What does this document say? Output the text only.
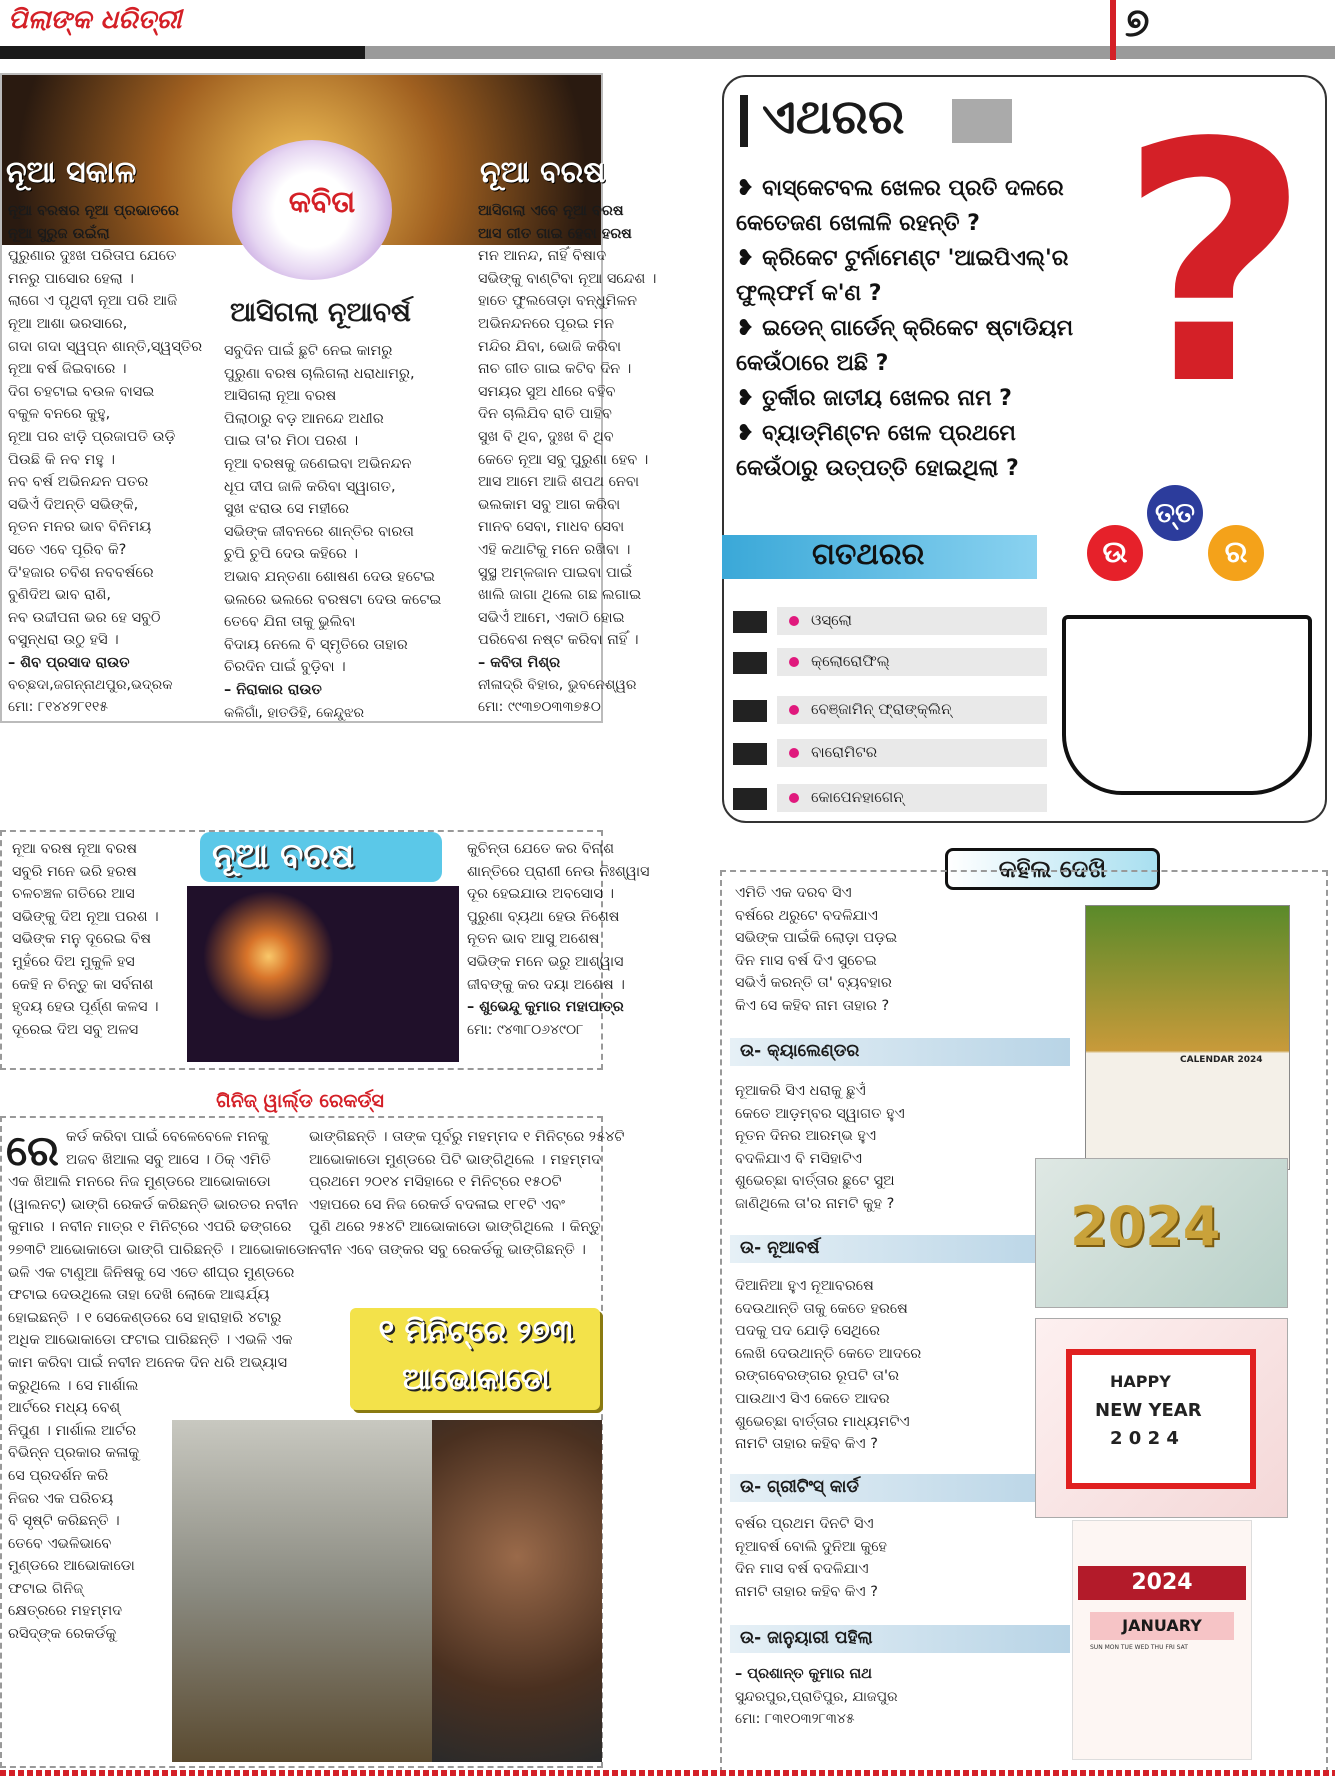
ପିଲାଙ୍କ ଧରିତ୍ରୀ	୭
କବିତା
ନୂଆ ସକାଳ
ନୂଆ ବରଷର ନୂଆ ପ୍ରଭାତରେ
ନୂଆ ସୁରୁଜ ଉଇଁଲା
ପୁରୁଣାର ଦୁଃଖ ପରିତାପ ଯେତେ
ମନରୁ ପାସୋର ହେଲା ।
ଲାଗେ ଏ ପୃଥିବୀ ନୂଆ ପରି ଆଜି
ନୂଆ ଆଶା ଭରସାରେ,
ଗଦା ଗଦା ସ୍ୱପ୍ନ ଶାନ୍ତି,ସ୍ୱସ୍ତିର
ନୂଆ ବର୍ଷ ଜିଇବାରେ ।
ଦିଗ ଚହଟାଇ ବଉଳ ବାସଇ
ବକୁଳ ବନରେ କୁହୁ,
ନୂଆ ପର ଝାଡ଼ି ପ୍ରଜାପତି ଉଡ଼ି
ପିଉଛି କି ନବ ମହୁ ।
ନବ ବର୍ଷ ଅଭିନନ୍ଦନ ପତର
ସଭିଏଁ ଦିଅନ୍ତି ସଭିଙ୍କି,
ନୂତନ ମନର ଭାବ ବିନିମୟ
ସତେ ଏବେ ପୂରିବ କି?
ଦି'ହଜାର ଚବିଶ ନବବର୍ଷରେ
ବୁଣିଦିଅ ଭାବ ରାଶି,
ନବ ଉଦ୍ଦୀପନା ଭର ହେ ସବୁଠି
ବସୁନ୍ଧରା ଉଠୁ ହସି ।
– ଶିବ ପ୍ରସାଦ ରାଉତ
ବଚ୍ଛଦା,ଜଗନ୍ନାଥପୁର,ଭଦ୍ରକ
ମୋ: ୮୧୪୪୨୮୧୧୫
ଆସିଗଲା ନୂଆବର୍ଷ
ସବୁଦିନ ପାଇଁ ଛୁଟି ନେଇ କାମରୁ
ପୁରୁଣା ବରଷ ଚାଲିଗଲା ଧରାଧାମରୁ,
ଆସିଗଲା ନୂଆ ବରଷ
ପିଲାଠାରୁ ବଡ଼ ଆନନ୍ଦେ ଅଧୀର
ପାଇ ତା'ର ମିଠା ପରଶ ।
ନୂଆ ବରଷକୁ ଜଣେଇବା ଅଭିନନ୍ଦନ
ଧୂପ ଦୀପ ଜାଳି କରିବା ସ୍ୱାଗତ,
ସୁଖ ଝରାଉ ସେ ମହୀରେ
ସଭିଙ୍କ ଜୀବନରେ ଶାନ୍ତିର ବାରତା
ଚୁପି ଚୁପି ଦେଉ କହିରେ ।
ଅଭାବ ଯନ୍ତଣା ଶୋଷଣ ଦେଉ ହଟେଇ
ଭଲରେ ଭଲରେ ବରଷଟା ଦେଉ କଟେଇ
ତେବେ ଯିନା ତାକୁ ଭୁଲିବା
ବିଦାୟ ନେଲେ ବି ସ୍ମୃତିରେ ତାହାର
ଚିରଦିନ ପାଇଁ ବୁଡ଼ିବା ।
– ନିରାକାର ରାଉତ
କଳିଗାଁ, ହାତଡିହି, କେନ୍ଦୁଝର
ନୂଆ ବରଷ
ଆସିଗଲା ଏବେ ନୂଆ ବରଷ
ଆସ ଗୀତ ଗାଇ ହେବା ହରଷ
ମନ ଆନନ୍ଦ, ନାହିଁ ବିଷାଦ
ସଭିଙ୍କୁ ବାଣ୍ଟିବା ନୂଆ ସନ୍ଦେଶ ।
ହାତେ ଫୁଲତୋଡ଼ା ବନ୍ଧୁମିଳନ
ଅଭିନନ୍ଦନରେ ପୂରଇ ମନ
ମନ୍ଦିର ଯିବା, ଭୋଜି କରିବା
ନାଚ ଗୀତ ଗାଇ କଟିବ ଦିନ ।
ସମୟର ସୁଅ ଧୀରେ ବହିବ
ଦିନ ଚାଲିଯିବ ରାତି ପାହିବ
ସୁଖ ବି ଥିବ, ଦୁଃଖ ବି ଥିବ
କେତେ ନୂଆ ସବୁ ପୁରୁଣା ହେବ ।
ଆସ ଆମେ ଆଜି ଶପଥ ନେବା
ଭଲକାମ ସବୁ ଆଗ କରିବା
ମାନବ ସେବା, ମାଧବ ସେବା
ଏହି କଥାଟିକୁ ମନେ ରଖିବା ।
ସୁସ୍ଥ ଅମ୍ଳଜାନ ପାଇବା ପାଇଁ
ଖାଲି ଜାଗା ଥିଲେ ଗଛ ଲଗାଇ
ସଭିଏଁ ଆମେ, ଏକାଠି ହୋଇ
ପରିବେଶ ନଷ୍ଟ କରିବା ନାହିଁ ।
– କବିତା ମିଶ୍ର
ନୀଳାଦ୍ରି ବିହାର, ଭୁବନେଶ୍ୱର
ମୋ: ୯୯୩୭୦୩୩୭୫୦
ନୂଆ ବରଷ ନୂଆ ବରଷ
ସବୁରି ମନେ ଭରି ହରଷ
ଚଳଚଞ୍ଚଳ ଗତିରେ ଆସ
ସଭିଙ୍କୁ ଦିଅ ନୂଆ ପରଶ ।
ସଭିଙ୍କ ମନୁ ଦୂରେଇ ବିଷ
ମୁହଁରେ ଦିଅ ମୁକୁଳି ହସ
କେହି ନ ଚିନ୍ତୁ କା ସର୍ବନାଶ
ହୃଦୟ ହେଉ ପୂର୍ଣ୍ଣ କଳସ ।
ଦୂରେଇ ଦିଅ ସବୁ ଅଳସ
ନୂଆ ବରଷ	କୁଚିନ୍ତା ଯେତେ କର ବିନାଶ
ଶାନ୍ତିରେ ପ୍ରାଣୀ ନେଉ ନିଃଶ୍ୱାସ
ଦୂର ହେଇଯାଉ ଅବସୋସ ।
ପୁରୁଣା ବ୍ୟଥା ହେଉ ନିଶେଷ
ନୂତନ ଭାବ ଆସୁ ଅଶେଷ
ସଭିଙ୍କ ମନେ ଭରୁ ଆଶ୍ୱାସ
ଜୀବଙ୍କୁ କର ଦୟା ଅଶେଷ ।
– ଶୁଭେନ୍ଦୁ କୁମାର ମହାପାତ୍ର
ମୋ: ୯୪୩୮୦୬୪୯୦୮
ଗିନିଜ୍ ୱାର୍ଲ୍ଡ ରେକର୍ଡ୍ସ
ରେ କର୍ଡ କରିବା ପାଇଁ ବେଳେବେଳେ ମନକୁ
ଅଜବ ଖିଆଲ ସବୁ ଆସେ । ଠିକ୍ ଏମିତି
ଏକ ଖିଆଲି ମନରେ ନିଜ ମୁଣ୍ଡରେ ଆଭୋକାଡୋ
(ୱାଲନଟ୍) ଭାଙ୍ଗି ରେକର୍ଡ କରିଛନ୍ତି ଭାରତର ନବୀନ
କୁମାର । ନବୀନ ମାତ୍ର ୧ ମିନିଟ୍‌ରେ ଏପରି ଢଙ୍ଗରେ
୨୭୩ଟି ଆଭୋକାଡୋ ଭାଙ୍ଗି ପାରିଛନ୍ତି । ଆଭୋକାଡୋ
ଭଳି ଏକ ଟାଣୁଆ ଜିନିଷକୁ ସେ ଏତେ ଶୀଘ୍ର ମୁଣ୍ଡରେ
ଫଟାଇ ଦେଉଥିଲେ ତାହା ଦେଖି ଲୋକେ ଆଶ୍ଚର୍ଯ୍ୟ
ହୋଇଛନ୍ତି । ୧ ସେକେଣ୍ଡରେ ସେ ହାରାହାରି ୪ଟାରୁ
ଅଧିକ ଆଭୋକାଡୋ ଫଟାଇ ପାରିଛନ୍ତି । ଏଭଳି ଏକ
କାମ କରିବା ପାଇଁ ନବୀନ ଅନେକ ଦିନ ଧରି ଅଭ୍ୟାସ
କରୁଥିଲେ । ସେ ମାର୍ଶାଲ
ଆର୍ଟରେ ମଧ୍ୟ ବେଶ୍
ନିପୁଣ । ମାର୍ଶାଲ ଆର୍ଟର
ବିଭିନ୍ନ ପ୍ରକାର କଳାକୁ
ସେ ପ୍ରଦର୍ଶନ କରି
ନିଜର ଏକ ପରିଚୟ
ବି ସୃଷ୍ଟି କରିଛନ୍ତି ।
ତେବେ ଏଭଳିଭାବେ
ମୁଣ୍ଡରେ ଆଭୋକାଡୋ
ଫଟାଇ ଗିନିଜ୍
କ୍ଷେତ୍ରରେ ମହମ୍ମଦ
ରସିଦ୍‌ଙ୍କ ରେକର୍ଡକୁ
ଭାଙ୍ଗିଛନ୍ତି । ତାଙ୍କ ପୂର୍ବରୁ ମହମ୍ମଦ ୧ ମିନିଟ୍‌ରେ ୨୫୪ଟି
ଆଭୋକାଡୋ ମୁଣ୍ଡରେ ପିଟି ଭାଙ୍ଗିଥିଲେ । ମହମ୍ମଦ
ପ୍ରଥମେ ୨୦୧୪ ମସିହାରେ ୧ ମିନିଟ୍‌ରେ ୧୫୦ଟି
ଏହାପରେ ସେ ନିଜ ରେକର୍ଡ ବଦଳାଇ ୧୮୧ଟି ଏବଂ
ପୁଣି ଥରେ ୨୫୪ଟି ଆଭୋକାଡୋ ଭାଙ୍ଗିଥିଲେ । କିନ୍ତୁ
ନବୀନ ଏବେ ତାଙ୍କର ସବୁ ରେକର୍ଡକୁ ଭାଙ୍ଗିଛନ୍ତି ।
୧ ମିନିଟ୍‌ରେ ୨୭୩
ଆଭୋକାଡୋ
ଏଥରର ?
❥ ବାସ୍କେଟବଲ ଖେଳର ପ୍ରତି ଦଳରେ
କେତେଜଣ ଖେଳାଳି ରହନ୍ତି ?
❥ କ୍ରିକେଟ ଟୁର୍ନାମେଣ୍ଟ 'ଆଇପିଏଲ୍'ର
ଫୁଲ୍‌ଫର୍ମ କ'ଣ ?
❥ ଇଡେନ୍ ଗାର୍ଡେନ୍ କ୍ରିକେଟ ଷ୍ଟାଡିୟମ
କେଉଁଠାରେ ଅଛି ?
❥ ତୁର୍କୀର ଜାତୀୟ ଖେଳର ନାମ ?
❥ ବ୍ୟାଡ୍‌ମିଣ୍ଟନ ଖେଳ ପ୍ରଥମେ
କେଉଁଠାରୁ ଉତ୍ପତ୍ତି ହୋଇଥିଲା ?
ଉ
ତ୍ତ
ର
ଗତଥରର
ଓସ୍ଲୋ
କ୍ଲୋରୋଫିଲ୍
ବେଞ୍ଜାମିନ୍ ଫ୍ରାଙ୍କ୍‌ଲିନ୍
ବାରୋମିଟର
କୋପେନହାଗେନ୍
କହିଲ ଦେଖି
ଏମିତି ଏକ ଦରବ ସିଏ
ବର୍ଷରେ ଥରୁଟେ ବଦଳିଯାଏ
ସଭିଙ୍କ ପାଇଁକି ଲୋଡ଼ା ପଡ଼ଇ
ଦିନ ମାସ ବର୍ଷ ଦିଏ ସୁଚେଇ
ସଭିଏଁ କରନ୍ତି ତା' ବ୍ୟବହାର
କିଏ ସେ କହିବ ନାମ ତାହାର ?
ଉ- କ୍ୟାଲେଣ୍ଡର	CALENDAR 2024
ନୂଆକରି ସିଏ ଧରାକୁ ଛୁଏଁ
କେତେ ଆଡ଼ମ୍ବର ସ୍ୱାଗତ ହୁଏ
ନୂତନ ଦିନର ଆରମ୍ଭ ହୁଏ
ବଦଳିଯାଏ ବି ମସିହାଟିଏ
ଶୁଭେଚ୍ଛା ବାର୍ତ୍ତାର ଛୁଟେ ସୁଅ
ଜାଣିଥିଲେ ତା'ର ନାମଟି କୁହ ?
ଉ- ନୂଆବର୍ଷ	2024
ଦିଆନିଆ ହୁଏ ନୂଆବରଷେ
ଦେଉଥାନ୍ତି ତାକୁ କେତେ ହରଷେ
ପଦକୁ ପଦ ଯୋଡ଼ି ସେଥିରେ
ଲେଖି ଦେଉଥାନ୍ତି କେତେ ଆଦରେ
ରଙ୍ଗବେରଙ୍ଗର ରୂପଟି ତା'ର
ପାଉଥାଏ ସିଏ କେତେ ଆଦର
ଶୁଭେଚ୍ଛା ବାର୍ତ୍ତାର ମାଧ୍ୟମଟିଏ
ନାମଟି ତାହାର କହିବ କିଏ ?
ଉ- ଗ୍ରୀଟିଂସ୍ କାର୍ଡ
HAPPY
NEW YEAR
2 0 2 4
ବର୍ଷର ପ୍ରଥମ ଦିନଟି ସିଏ
ନୂଆବର୍ଷ ବୋଲି ଦୁନିଆ କୁହେ
ଦିନ ମାସ ବର୍ଷ ବଦଳିଯାଏ
ନାମଟି ତାହାର କହିବ କିଏ ?
ଉ- ଜାନୁୟାରୀ ପହିଲା
2024
JANUARY
SUN MON TUE WED THU FRI SAT
– ପ୍ରଶାନ୍ତ କୁମାର ନାଥ
ସୁନ୍ଦରପୁର,ପ୍ରାତିପୁର, ଯାଜପୁର
ମୋ: ୮୩୧୦୩୨୮୩୪୫
